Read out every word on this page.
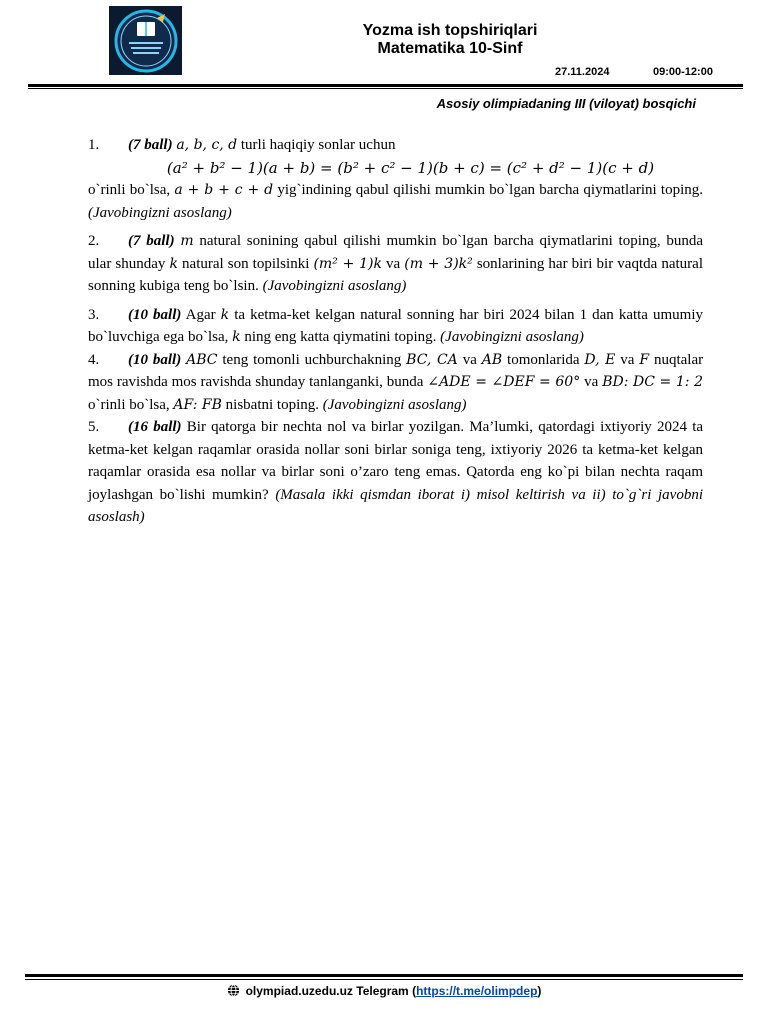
Yozma ish topshiriqlari
Matematika 10-Sinf
27.11.2024	09:00-12:00
Asosiy olimpiadaning III (viloyat) bosqichi
1. (7 ball) a, b, c, d turli haqiqiy sonlar uchun
(a² + b² − 1)(a + b) = (b² + c² − 1)(b + c) = (c² + d² − 1)(c + d)
o`rinli bo`lsa, a + b + c + d yig`indining qabul qilishi mumkin bo`lgan barcha qiymatlarini toping. (Javobingizni asoslang)
2. (7 ball) m natural sonining qabul qilishi mumkin bo`lgan barcha qiymatlarini toping, bunda ular shunday k natural son topilsinki (m² + 1)k va (m + 3)k² sonlarining har biri bir vaqtda natural sonning kubiga teng bo`lsin. (Javobingizni asoslang)
3. (10 ball) Agar k ta ketma-ket kelgan natural sonning har biri 2024 bilan 1 dan katta umumiy bo`luvchiga ega bo`lsa, k ning eng katta qiymatini toping. (Javobingizni asoslang)
4. (10 ball) ABC teng tomonli uchburchakning BC, CA va AB tomonlarida D, E va F nuqtalar mos ravishda mos ravishda shunday tanlanganki, bunda ∠ADE = ∠DEF = 60° va BD: DC = 1: 2 o`rinli bo`lsa, AF: FB nisbatni toping. (Javobingizni asoslang)
5. (16 ball) Bir qatorga bir nechta nol va birlar yozilgan. Ma’lumki, qatordagi ixtiyoriy 2024 ta ketma-ket kelgan raqamlar orasida nollar soni birlar soniga teng, ixtiyoriy 2026 ta ketma-ket kelgan raqamlar orasida esa nollar va birlar soni o’zaro teng emas. Qatorda eng ko`pi bilan nechta raqam joylashgan bo`lishi mumkin? (Masala ikki qismdan iborat i) misol keltirish va ii) to`g`ri javobni asoslash)
olympiad.uzedu.uz Telegram (https://t.me/olimpdep)
